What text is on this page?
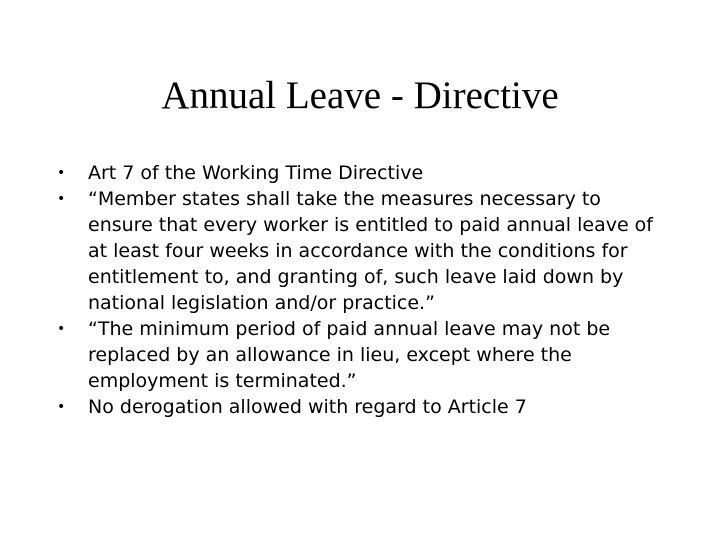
Annual Leave - Directive
•	Art 7 of the Working Time Directive
•	“Member states shall take the measures necessary to ensure that every worker is entitled to paid annual leave of at least four weeks in accordance with the conditions for entitlement to, and granting of, such leave laid down by national legislation and/or practice.”
•	“The minimum period of paid annual leave may not be replaced by an allowance in lieu, except where the employment is terminated.”
•	No derogation allowed with regard to Article 7
